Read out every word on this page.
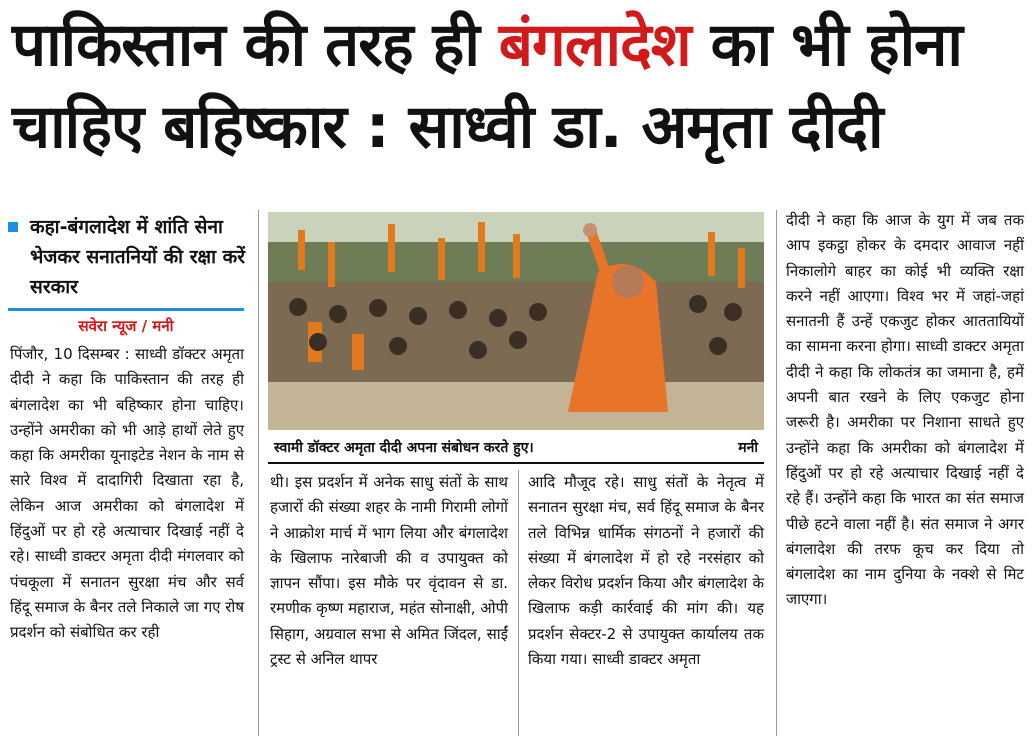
पाकिस्तान की तरह ही बंगलादेश का भी होना चाहिए बहिष्कार : साध्वी डा. अमृता दीदी
कहा-बंगलादेश में शांति सेना भेजकर सनातनियों की रक्षा करें सरकार
सवेरा न्यूज / मनी
पिंजौर, 10 दिसम्बर : साध्वी डॉक्टर अमृता दीदी ने कहा कि पाकिस्तान की तरह ही बंगलादेश का भी बहिष्कार होना चाहिए। उन्होंने अमरीका को भी आड़े हाथों लेते हुए कहा कि अमरीका यूनाइटेड नेशन के नाम से सारे विश्व में दादागिरी दिखाता रहा है, लेकिन आज अमरीका को बंगलादेश में हिंदुओं पर हो रहे अत्याचार दिखाई नहीं दे रहे। साध्वी डाक्टर अमृता दीदी मंगलवार को पंचकूला में सनातन सुरक्षा मंच और सर्व हिंदू समाज के बैनर तले निकाले जा गए रोष प्रदर्शन को संबोधित कर रही
स्वामी डॉक्टर अमृता दीदी अपना संबोधन करते हुए।	मनी
थी। इस प्रदर्शन में अनेक साधु संतों के साथ हजारों की संख्या शहर के नामी गिरामी लोगों ने आक्रोश मार्च में भाग लिया और बंगलादेश के खिलाफ नारेबाजी की व उपायुक्त को ज्ञापन सौंपा। इस मौके पर वृंदावन से डा. रमणीक कृष्ण महाराज, महंत सोनाक्षी, ओपी सिहाग, अग्रवाल सभा से अमित जिंदल, साईं ट्रस्ट से अनिल थापर
आदि मौजूद रहे। साधु संतों के नेतृत्व में सनातन सुरक्षा मंच, सर्व हिंदू समाज के बैनर तले विभिन्न धार्मिक संगठनों ने हजारों की संख्या में बंगलादेश में हो रहे नरसंहार को लेकर विरोध प्रदर्शन किया और बंगलादेश के खिलाफ कड़ी कार्रवाई की मांग की। यह प्रदर्शन सेक्टर-2 से उपायुक्त कार्यालय तक किया गया। साध्वी डाक्टर अमृता
दीदी ने कहा कि आज के युग में जब तक आप इकट्ठा होकर के दमदार आवाज नहीं निकालोगे बाहर का कोई भी व्यक्ति रक्षा करने नहीं आएगा। विश्व भर में जहां-जहां सनातनी हैं उन्हें एकजुट होकर आततायियों का सामना करना होगा। साध्वी डाक्टर अमृता दीदी ने कहा कि लोकतंत्र का जमाना है, हमें अपनी बात रखने के लिए एकजुट होना जरूरी है। अमरीका पर निशाना साधते हुए उन्होंने कहा कि अमरीका को बंगलादेश में हिंदुओं पर हो रहे अत्याचार दिखाई नहीं दे रहे हैं। उन्होंने कहा कि भारत का संत समाज पीछे हटने वाला नहीं है। संत समाज ने अगर बंगलादेश की तरफ कूच कर दिया तो बंगलादेश का नाम दुनिया के नक्शे से मिट जाएगा।
